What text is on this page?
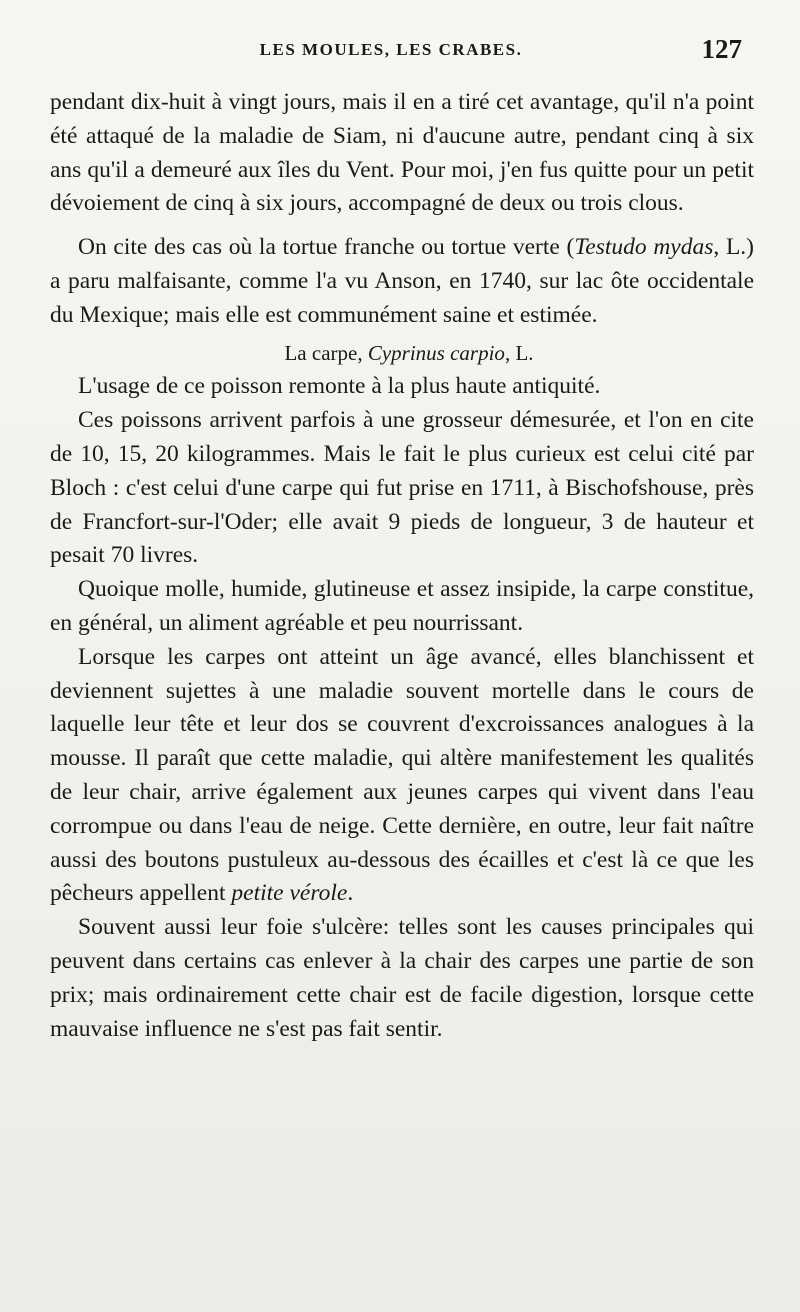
LES MOULES, LES CRABES.	127

pendant dix-huit à vingt jours, mais il en a tiré cet avantage, qu'il n'a point été attaqué de la maladie de Siam, ni d'aucune autre, pendant cinq à six ans qu'il a demeuré aux îles du Vent. Pour moi, j'en fus quitte pour un petit dévoiement de cinq à six jours, accompagné de deux ou trois clous.

On cite des cas où la tortue franche ou tortue verte (Testudo mydas, L.) a paru malfaisante, comme l'a vu Anson, en 1740, sur lac ôte occidentale du Mexique; mais elle est communément saine et estimée.

La carpe, Cyprinus carpio, L.

L'usage de ce poisson remonte à la plus haute antiquité.

Ces poissons arrivent parfois à une grosseur démesurée, et l'on en cite de 10, 15, 20 kilogrammes. Mais le fait le plus curieux est celui cité par Bloch : c'est celui d'une carpe qui fut prise en 1711, à Bischofshouse, près de Francfort-sur-l'Oder; elle avait 9 pieds de longueur, 3 de hauteur et pesait 70 livres.

Quoique molle, humide, glutineuse et assez insipide, la carpe constitue, en général, un aliment agréable et peu nourrissant.

Lorsque les carpes ont atteint un âge avancé, elles blanchissent et deviennent sujettes à une maladie souvent mortelle dans le cours de laquelle leur tête et leur dos se couvrent d'excroissances analogues à la mousse. Il paraît que cette maladie, qui altère manifestement les qualités de leur chair, arrive également aux jeunes carpes qui vivent dans l'eau corrompue ou dans l'eau de neige. Cette dernière, en outre, leur fait naître aussi des boutons pustuleux au-dessous des écailles et c'est là ce que les pêcheurs appellent petite vérole.

Souvent aussi leur foie s'ulcère: telles sont les causes principales qui peuvent dans certains cas enlever à la chair des carpes une partie de son prix; mais ordinairement cette chair est de facile digestion, lorsque cette mauvaise influence ne s'est pas fait sentir.
